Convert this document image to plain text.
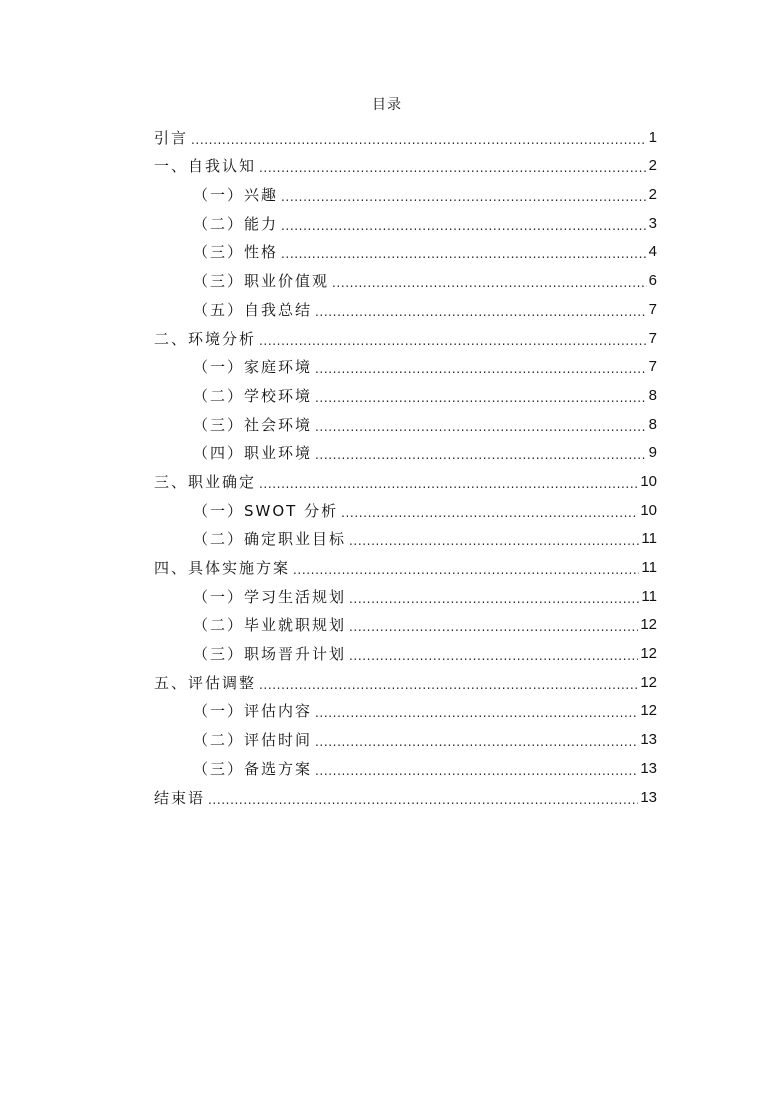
目录
引言 .....	1
一、自我认知 .....	2
（一）兴趣 .....	2
（二）能力 .....	3
（三）性格 .....	4
（三）职业价值观 .....	6
（五）自我总结 .....	7
二、环境分析 .....	7
（一）家庭环境 .....	7
（二）学校环境 .....	8
（三）社会环境 .....	8
（四）职业环境 .....	9
三、职业确定 .....	10
（一）SWOT 分析 .....	10
（二）确定职业目标 .....	11
四、具体实施方案 .....	11
（一）学习生活规划 .....	11
（二）毕业就职规划 .....	12
（三）职场晋升计划 .....	12
五、评估调整 .....	12
（一）评估内容 .....	12
（二）评估时间 .....	13
（三）备选方案 .....	13
结束语 .....	13
